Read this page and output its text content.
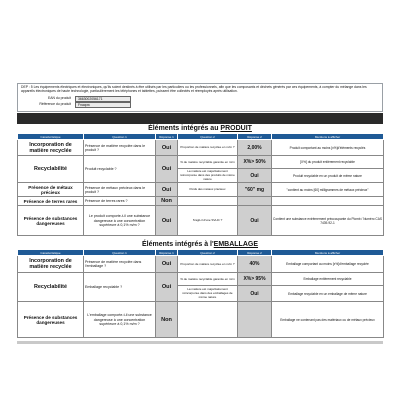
DEP : 5 Les équipements électriques et électroniques, qu'ils soient destinés à être utilisés par les particuliers ou les professionnels, afin que les composants et déchets générés par ces équipements, à compter du mélange dans les appareils électroniques de haute technologie, particulièrement les téléphones et tablettes, puissent être collectés et réemployés après utilisation.
EAN du produit	3663002056171
Référence du produit	Fnacpw
Éléments intégrés au PRODUIT
Caractéristique	Question 1	Réponse 1	Question 2	Réponse 2	Mentions à afficher
Incorporation de matière recyclée	Présence de matière recyclée dans le produit ?	Oui	Proportion de matière recyclée en m/m ?	2,00%	Produit comportant au moins [x%]d'éléments recyclés
Recyclabilité	Produit recyclable ?	Oui	% de matière recyclable garantie en m/m	X%> 50%	[X%] du produit entièrement recyclable
			La matière est majoritairement réincorporée dans des produits de même nature	Oui	Produit recyclable en un produit de même nature
Présence de métaux précieux	Présence de métaux précieux dans le produit ?	Oui	Poids des métaux précieux	"60" mg	"contient au moins [60] milligrammes de métaux précieux"
Présence de terres rares	Présence de terres rares ?	Non			
Présence de substances dangereuses	Le produit comporte-t-il une substance dangereuse à une concentration supérieure à 0,1% m/m ?	Oui	S'agit-il d'une SVHC ?	Oui	Contient une substance extrêmement préoccupante du Plomb / Numéro CAS 7439-92-1
Éléments intégrés à l'EMBALLAGE
Caractéristique	Question 1	Réponse 1	Question 2	Réponse 2	Mentions à afficher
Incorporation de matière recyclée	Présence de matière recyclée dans l'emballage ?	Oui	Proportion de matière recyclée en m/m ?	40%	Emballage comportant au moins [x%]d'emballage recyclée
Recyclabilité	Emballage recyclable ?	Oui	% de matière recyclable garantie en m/m	X%> 95%	Emballage entièrement recyclable
			La matière est majoritairement réincorporée dans des emballages de même nature	Oui	Emballage recyclable en un emballage de même nature
Présence de substances dangereuses	L'emballage comporte-t-il une substance dangereuse à une concentration supérieure à 0,1% m/m ?	Non			Emballage ne contenant pas des matériaux ou de métaux précieux
